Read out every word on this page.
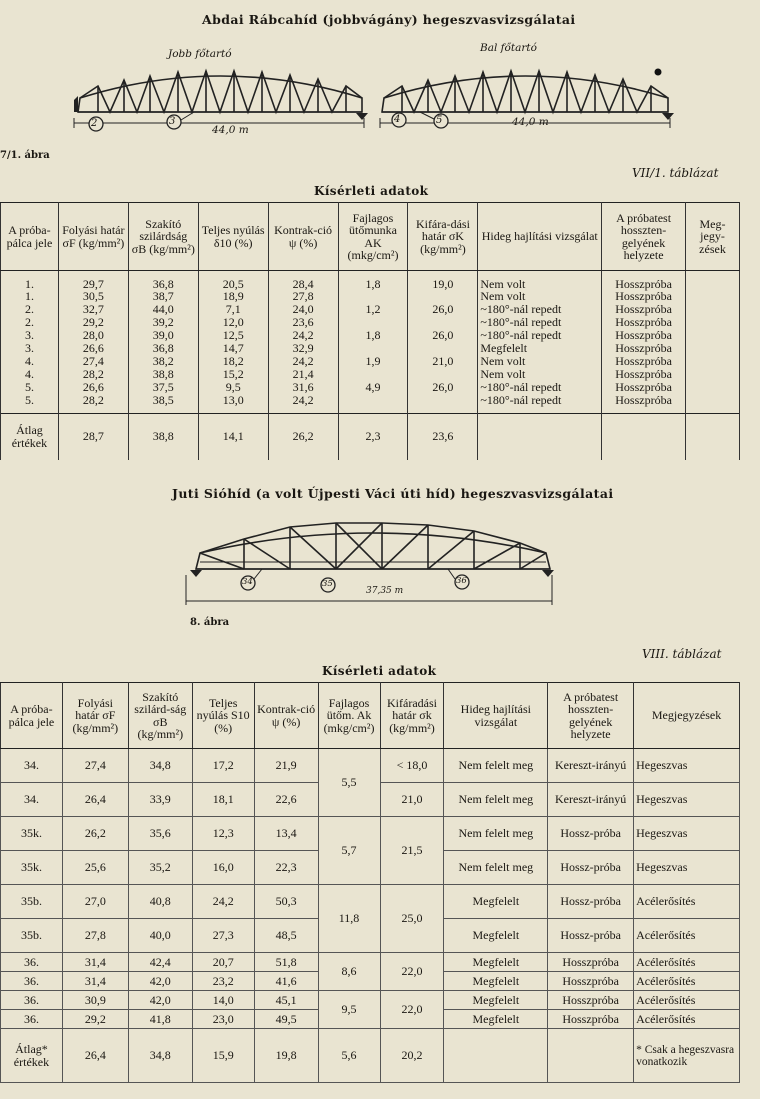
Abdai Rábcahíd (jobbvágány) hegeszvasvizsgálatai
Jobb főtartó	Bal főtartó
2	3	4	5
44,0 m
44,0 m
7/1. ábra
VII/1. táblázat
Kísérleti adatok
A próba-pálca jele	Folyási határ σF (kg/mm²)	Szakító szilárdság σB (kg/mm²)	Teljes nyúlás δ10 (%)	Kontrak-ció ψ (%)	Fajlagos ütőmunka AK (mkg/cm²)	Kifára-dási határ σK (kg/mm²)	Hideg hajlítási vizsgálat	A próbatest hosszten-gelyének helyzete	Meg-jegy-zések
1.	29,7	36,8	20,5	28,4	1,8	19,0	Nem volt	Hosszpróba	
1.	30,5	38,7	18,9	27,8			Nem volt	Hosszpróba	
2.	32,7	44,0	7,1	24,0	1,2	26,0	~180°-nál repedt	Hosszpróba	
2.	29,2	39,2	12,0	23,6			~180°-nál repedt	Hosszpróba	
3.	28,0	39,0	12,5	24,2	1,8	26,0	~180°-nál repedt	Hosszpróba	
3.	26,6	36,8	14,7	32,9			Megfelelt	Hosszpróba	
4.	27,4	38,2	18,2	24,2	1,9	21,0	Nem volt	Hosszpróba	
4.	28,2	38,8	15,2	21,4			Nem volt	Hosszpróba	
5.	26,6	37,5	9,5	31,6	4,9	26,0	~180°-nál repedt	Hosszpróba	
5.	28,2	38,5	13,0	24,2			~180°-nál repedt	Hosszpróba	

Átlag értékek	28,7	38,8	14,1	26,2	2,3	23,6			
Juti Sióhíd (a volt Újpesti Váci úti híd) hegeszvasvizsgálatai
34	35	36
37,35 m
8. ábra
VIII. táblázat
Kísérleti adatok
A próba-pálca jele	Folyási határ σF (kg/mm²)	Szakító szilárd-ság σB (kg/mm²)	Teljes nyúlás S10 (%)	Kontrak-ció ψ (%)	Fajlagos ütőm. Ak (mkg/cm²)	Kifáradási határ σk (kg/mm²)	Hideg hajlítási vizsgálat	A próbatest hosszten-gelyének helyzete	Megjegyzések
34.	27,4	34,8	17,2	21,9	5,5	< 18,0	Nem felelt meg	Kereszt-irányú	Hegeszvas
34.	26,4	33,9	18,1	22,6		21,0	Nem felelt meg	Kereszt-irányú	Hegeszvas
35k.	26,2	35,6	12,3	13,4	5,7	21,5	Nem felelt meg	Hossz-próba	Hegeszvas
35k.	25,6	35,2	16,0	22,3			Nem felelt meg	Hossz-próba	Hegeszvas
35b.	27,0	40,8	24,2	50,3	11,8	25,0	Megfelelt	Hossz-próba	Acélerősítés
35b.	27,8	40,0	27,3	48,5			Megfelelt	Hossz-próba	Acélerősítés
36.	31,4	42,4	20,7	51,8	8,6	22,0	Megfelelt	Hosszpróba	Acélerősítés
36.	31,4	42,0	23,2	41,6			Megfelelt	Hosszpróba	Acélerősítés
36.	30,9	42,0	14,0	45,1	9,5	22,0	Megfelelt	Hosszpróba	Acélerősítés
36.	29,2	41,8	23,0	49,5			Megfelelt	Hosszpróba	Acélerősítés
Átlag* értékek	26,4	34,8	15,9	19,8	5,6	20,2			* Csak a hegeszvasra vonatkozik
